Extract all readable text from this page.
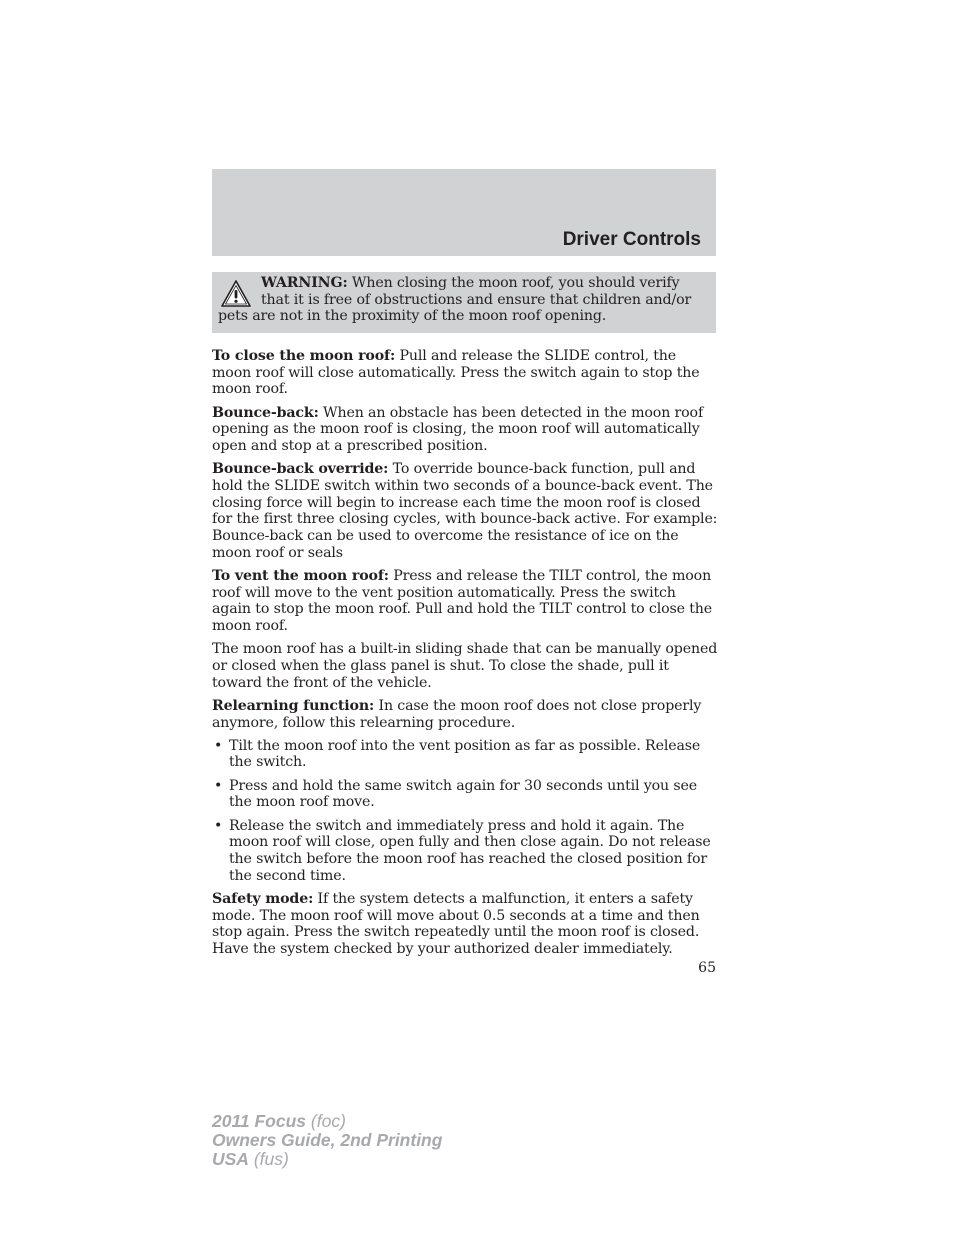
Driver Controls

WARNING: When closing the moon roof, you should verify that it is free of obstructions and ensure that children and/or pets are not in the proximity of the moon roof opening.

To close the moon roof: Pull and release the SLIDE control, the moon roof will close automatically. Press the switch again to stop the moon roof.

Bounce-back: When an obstacle has been detected in the moon roof opening as the moon roof is closing, the moon roof will automatically open and stop at a prescribed position.

Bounce-back override: To override bounce-back function, pull and hold the SLIDE switch within two seconds of a bounce-back event. The closing force will begin to increase each time the moon roof is closed for the first three closing cycles, with bounce-back active. For example: Bounce-back can be used to overcome the resistance of ice on the moon roof or seals

To vent the moon roof: Press and release the TILT control, the moon roof will move to the vent position automatically. Press the switch again to stop the moon roof. Pull and hold the TILT control to close the moon roof.

The moon roof has a built-in sliding shade that can be manually opened or closed when the glass panel is shut. To close the shade, pull it toward the front of the vehicle.

Relearning function: In case the moon roof does not close properly anymore, follow this relearning procedure.

• Tilt the moon roof into the vent position as far as possible. Release the switch.
• Press and hold the same switch again for 30 seconds until you see the moon roof move.
• Release the switch and immediately press and hold it again. The moon roof will close, open fully and then close again. Do not release the switch before the moon roof has reached the closed position for the second time.

Safety mode: If the system detects a malfunction, it enters a safety mode. The moon roof will move about 0.5 seconds at a time and then stop again. Press the switch repeatedly until the moon roof is closed. Have the system checked by your authorized dealer immediately.

65

2011 Focus (foc)
Owners Guide, 2nd Printing
USA (fus)
